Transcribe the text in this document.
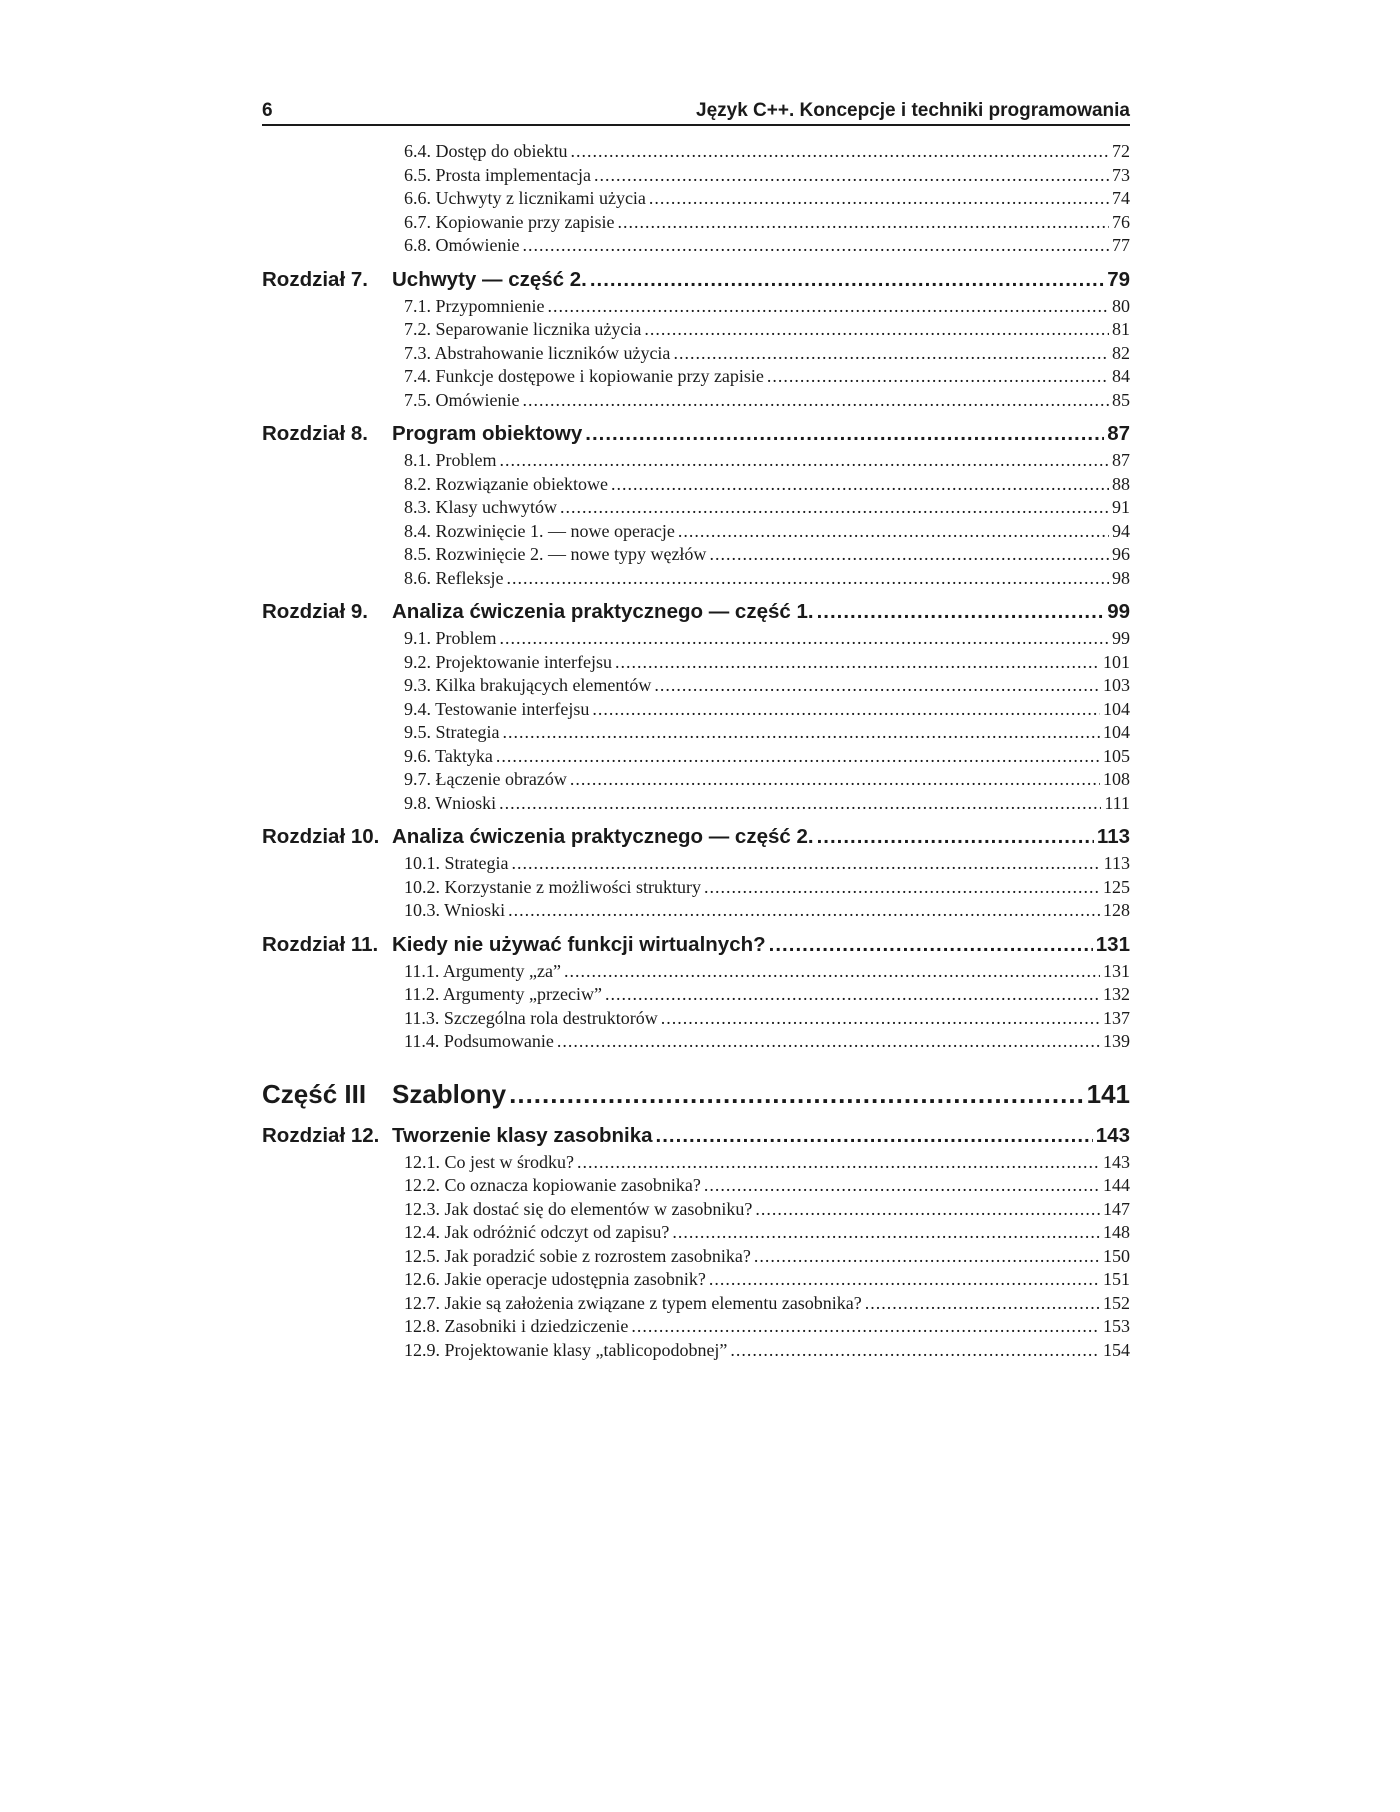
6	Język C++. Koncepcje i techniki programowania
6.4. Dostęp do obiektu .....	72
6.5. Prosta implementacja .....	73
6.6. Uchwyty z licznikami użycia .....	74
6.7. Kopiowanie przy zapisie .....	76
6.8. Omówienie .....	77
Rozdział 7.	Uchwyty — część 2. .....	79
7.1. Przypomnienie .....	80
7.2. Separowanie licznika użycia .....	81
7.3. Abstrahowanie liczników użycia .....	82
7.4. Funkcje dostępowe i kopiowanie przy zapisie .....	84
7.5. Omówienie .....	85
Rozdział 8.	Program obiektowy .....	87
8.1. Problem .....	87
8.2. Rozwiązanie obiektowe .....	88
8.3. Klasy uchwytów .....	91
8.4. Rozwinięcie 1. — nowe operacje .....	94
8.5. Rozwinięcie 2. — nowe typy węzłów .....	96
8.6. Refleksje .....	98
Rozdział 9.	Analiza ćwiczenia praktycznego — część 1. .....	99
9.1. Problem .....	99
9.2. Projektowanie interfejsu .....	101
9.3. Kilka brakujących elementów .....	103
9.4. Testowanie interfejsu .....	104
9.5. Strategia .....	104
9.6. Taktyka .....	105
9.7. Łączenie obrazów .....	108
9.8. Wnioski .....	111
Rozdział 10. Analiza ćwiczenia praktycznego — część 2. .....	113
10.1. Strategia .....	113
10.2. Korzystanie z możliwości struktury .....	125
10.3. Wnioski .....	128
Rozdział 11. Kiedy nie używać funkcji wirtualnych? .....	131
11.1. Argumenty „za” .....	131
11.2. Argumenty „przeciw” .....	132
11.3. Szczególna rola destruktorów .....	137
11.4. Podsumowanie .....	139
Część III Szablony .....	141
Rozdział 12. Tworzenie klasy zasobnika .....	143
12.1. Co jest w środku? .....	143
12.2. Co oznacza kopiowanie zasobnika? .....	144
12.3. Jak dostać się do elementów w zasobniku? .....	147
12.4. Jak odróżnić odczyt od zapisu? .....	148
12.5. Jak poradzić sobie z rozrostem zasobnika? .....	150
12.6. Jakie operacje udostępnia zasobnik? .....	151
12.7. Jakie są założenia związane z typem elementu zasobnika? .....	152
12.8. Zasobniki i dziedziczenie .....	153
12.9. Projektowanie klasy „tablicopodobnej” .....	154
